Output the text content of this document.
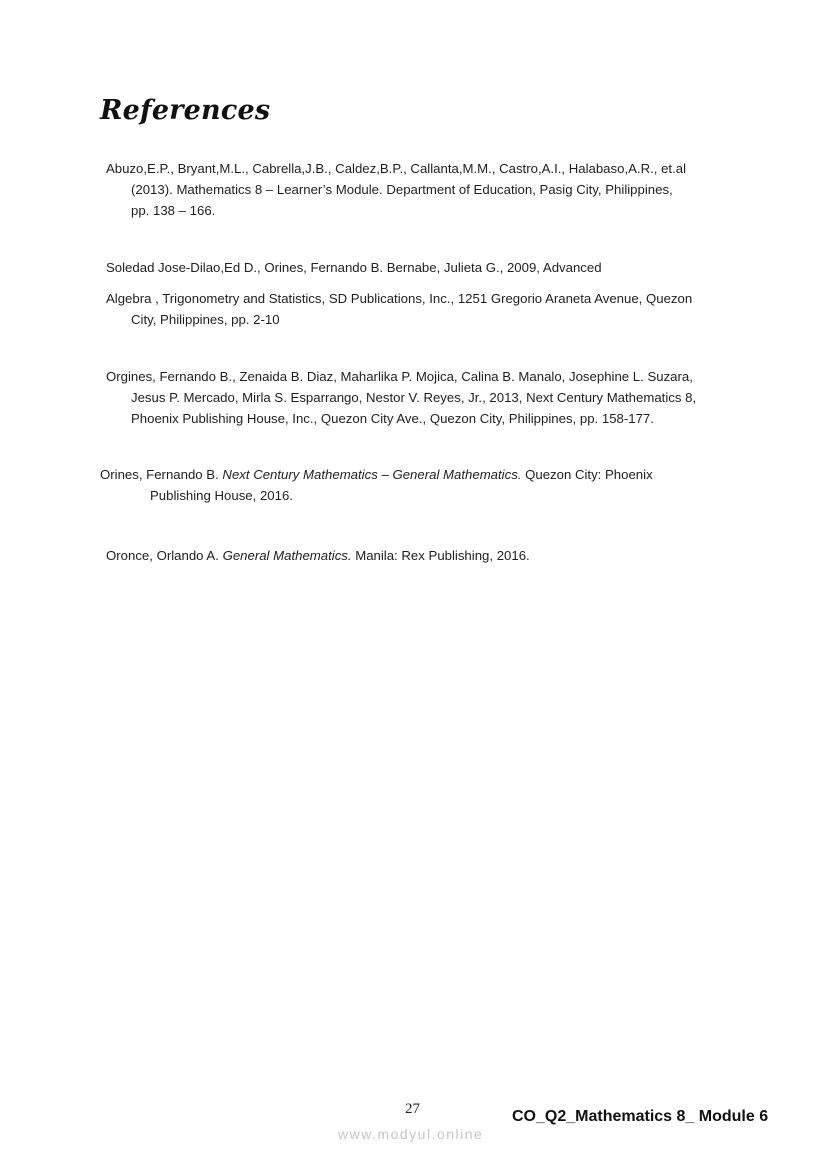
References
Abuzo,E.P., Bryant,M.L., Cabrella,J.B., Caldez,B.P., Callanta,M.M., Castro,A.I., Halabaso,A.R., et.al
(2013). Mathematics 8 – Learner’s Module. Department of Education, Pasig City, Philippines,
pp. 138 – 166.
Soledad Jose-Dilao,Ed D., Orines, Fernando B. Bernabe, Julieta G., 2009, Advanced
Algebra , Trigonometry and Statistics, SD Publications, Inc., 1251 Gregorio Araneta Avenue, Quezon
City, Philippines, pp. 2-10
Orgines, Fernando B., Zenaida B. Diaz, Maharlika P. Mojica, Calina B. Manalo, Josephine L. Suzara,
Jesus P. Mercado, Mirla S. Esparrango, Nestor V. Reyes, Jr., 2013, Next Century Mathematics 8,
Phoenix Publishing House, Inc., Quezon City Ave., Quezon City, Philippines, pp. 158-177.
Orines, Fernando B. Next Century Mathematics – General Mathematics. Quezon City: Phoenix
Publishing House, 2016.
Oronce, Orlando A. General Mathematics. Manila: Rex Publishing, 2016.
27	CO_Q2_Mathematics 8_ Module 6
www.modyul.online
